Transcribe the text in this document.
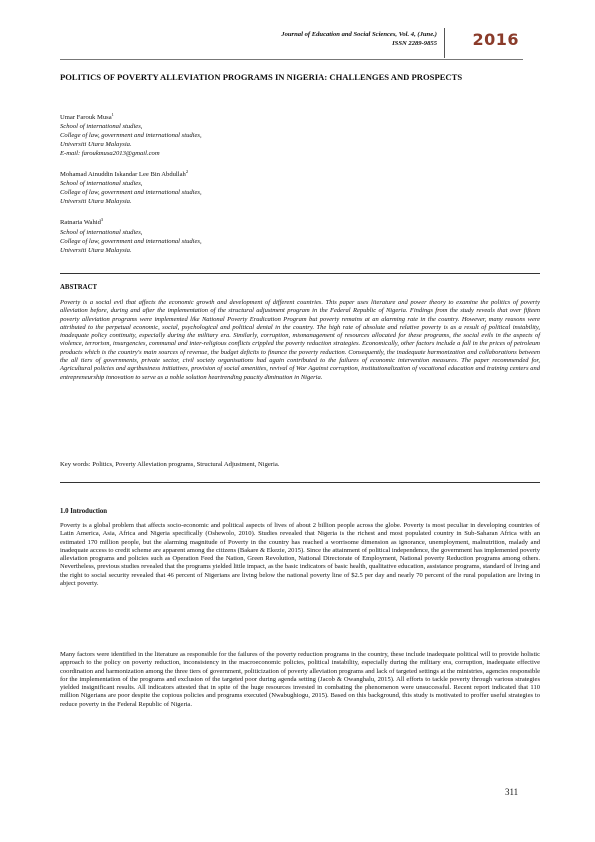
Journal of Education and Social Sciences, Vol. 4, (June.)
ISSN 2289-9855 2016
POLITICS OF POVERTY ALLEVIATION PROGRAMS IN NIGERIA: CHALLENGES AND PROSPECTS
Umar Farouk Musa$^1$
School of international studies,
College of law, government and international studies,
Universiti Utara Malaysia.
E-mail: faroukmusa2013@gmail.com
Mohamad Ainuddin Iskandar Lee Bin Abdullah$^2$
School of international studies,
College of law, government and international studies,
Universiti Utara Malaysia.
Ratnaria Wahid$^3$
School of international studies,
College of law, government and international studies,
Universiti Utara Malaysia.
ABSTRACT
Poverty is a social evil that affects the economic growth and development of different countries. This paper uses literature and power theory to examine the politics of poverty alleviation before, during and after the implementation of the structural adjustment program in the Federal Republic of Nigeria. Findings from the study reveals that over fifteen poverty alleviation programs were implemented like National Poverty Eradication Program but poverty remains at an alarming rate in the country. However, many reasons were attributed to the perpetual economic, social, psychological and political denial in the country. The high rate of absolute and relative poverty is as a result of political instability, inadequate policy continuity, especially during the military era. Similarly, corruption, mismanagement of resources allocated for these programs, the social evils in the aspects of violence, terrorism, insurgencies, communal and inter-religious conflicts crippled the poverty reduction strategies. Economically, other factors include a fall in the prices of petroleum products which is the country's main sources of revenue, the budget deficits to finance the poverty reduction. Consequently, the inadequate harmonization and collaborations between the all tiers of governments, private sector, civil society organisations had again contributed to the failures of economic intervention measures. The paper recommended for, Agricultural policies and agribusiness initiatives, provision of social amenities, revival of War Against corruption, institutionalization of vocational education and training centers and entrepreneurship innovation to serve as a noble solution heartrending paucity diminution in Nigeria.
Key words: Politics, Poverty Alleviation programs, Structural Adjustment, Nigeria.
1.0 Introduction
Poverty is a global problem that affects socio-economic and political aspects of lives of about 2 billion people across the globe. Poverty is most peculiar in developing countries of Latin America, Asia, Africa and Nigeria specifically (Oshewolo, 2010). Studies revealed that Nigeria is the richest and most populated country in Sub-Saharan Africa with an estimated 170 million people, but the alarming magnitude of Poverty in the country has reached a worrisome dimension as ignorance, unemployment, malnutrition, malady and inadequate access to credit scheme are apparent among the citizens (Bakare & Ekezie, 2015). Since the attainment of political independence, the government has implemented poverty alleviation programs and policies such as Operation Feed the Nation, Green Revolution, National Directorate of Employment, National poverty Reduction programs among others. Nevertheless, previous studies revealed that the programs yielded little impact, as the basic indicators of basic health, qualitative education, assistance programs, standard of living and the right to social security revealed that 46 percent of Nigerians are living below the national poverty line of $2.5 per day and nearly 70 percent of the rural population are living in abject poverty.
Many factors were identified in the literature as responsible for the failures of the poverty reduction programs in the country, these include inadequate political will to provide holistic approach to the policy on poverty reduction, inconsistency in the macroeconomic policies, political instability, especially during the military era, corruption, inadequate effective coordination and harmonization among the three tiers of government, politicization of poverty alleviation programs and lack of targeted settings at the ministries, agencies responsible for the implementation of the programs and exclusion of the targeted poor during agenda setting (Jacob & Owanghalu, 2015). All efforts to tackle poverty through various strategies yielded insignificant results. All indicators attested that in spite of the huge resources invested in combating the phenomenon were unsuccessful. Recent report indicated that 110 million Nigerians are poor despite the copious policies and programs executed (Nwabughiogu, 2015). Based on this background, this study is motivated to proffer useful strategies to reduce poverty in the Federal Republic of Nigeria.
311
